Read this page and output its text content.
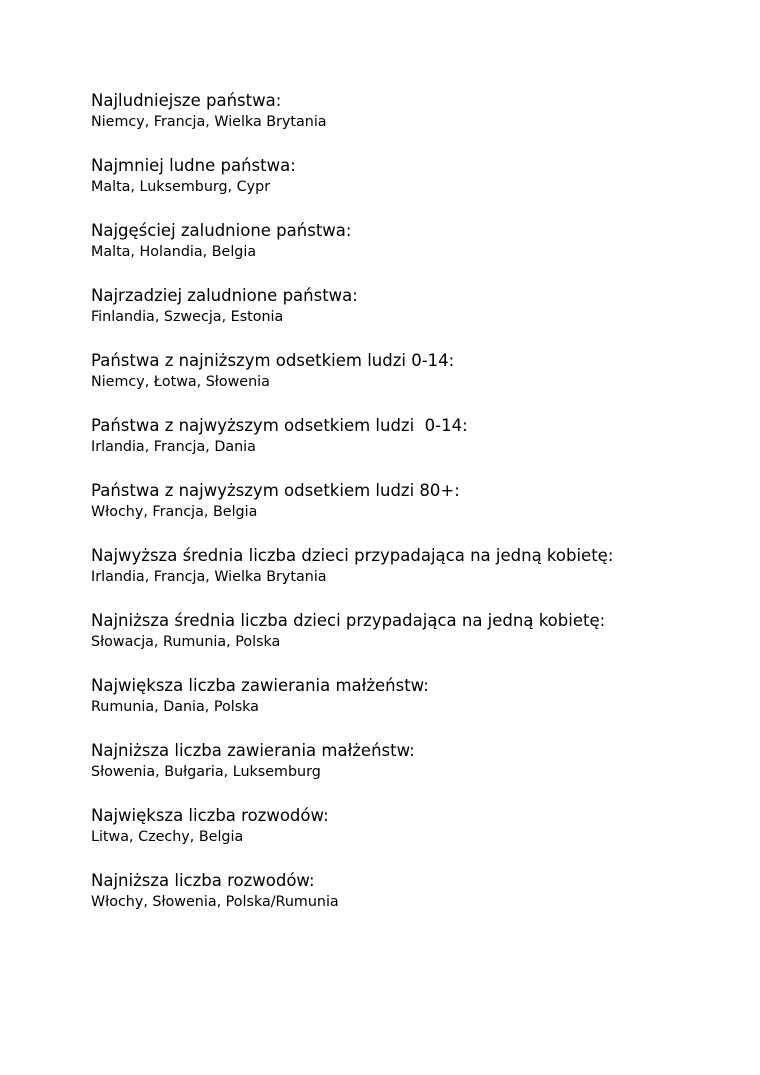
Najludniejsze państwa:

Niemcy, Francja, Wielka Brytania

Najmniej ludne państwa:

Malta, Luksemburg, Cypr

Najgęściej zaludnione państwa:

Malta, Holandia, Belgia

Najrzadziej zaludnione państwa:

Finlandia, Szwecja, Estonia

Państwa z najniższym odsetkiem ludzi 0-14:

Niemcy, Łotwa, Słowenia

Państwa z najwyższym odsetkiem ludzi  0-14:

Irlandia, Francja, Dania

Państwa z najwyższym odsetkiem ludzi 80+:

Włochy, Francja, Belgia

Najwyższa średnia liczba dzieci przypadająca na jedną kobietę:

Irlandia, Francja, Wielka Brytania

Najniższa średnia liczba dzieci przypadająca na jedną kobietę:

Słowacja, Rumunia, Polska

Największa liczba zawierania małżeństw:

Rumunia, Dania, Polska

Najniższa liczba zawierania małżeństw:

Słowenia, Bułgaria, Luksemburg

Największa liczba rozwodów:

Litwa, Czechy, Belgia

Najniższa liczba rozwodów:

Włochy, Słowenia, Polska/Rumunia
